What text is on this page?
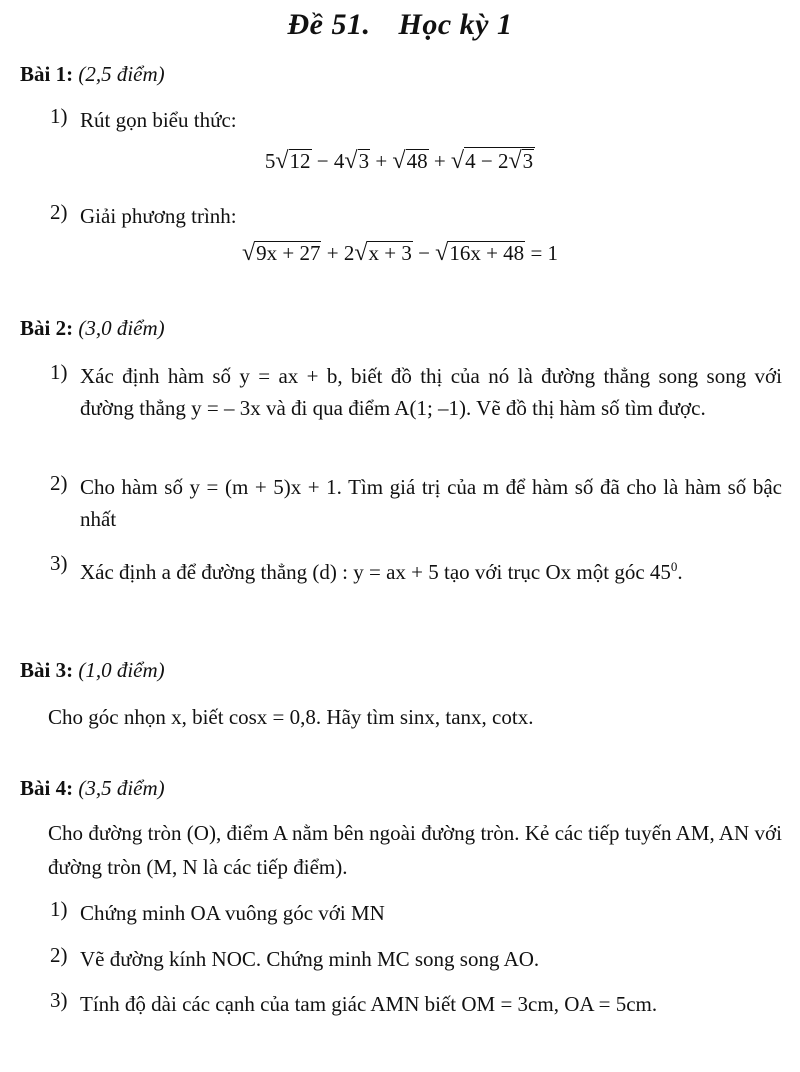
Đề 51. Học kỳ 1
Bài 1: (2,5 điểm)
1) Rút gọn biểu thức:
5√12 − 4√3 + √48 + √4 − 2√3
2) Giải phương trình:
√9x + 27 + 2√x + 3 − √16x + 48 = 1
Bài 2: (3,0 điểm)
1) Xác định hàm số y = ax + b, biết đồ thị của nó là đường thẳng song song với đường thẳng y = – 3x và đi qua điểm A(1; –1). Vẽ đồ thị hàm số tìm được.
2) Cho hàm số y = (m + 5)x + 1. Tìm giá trị của m để hàm số đã cho là hàm số bậc nhất
3) Xác định a để đường thẳng (d) : y = ax + 5 tạo với trục Ox một góc $45^0$.
Bài 3: (1,0 điểm)
Cho góc nhọn x, biết cosx = 0,8. Hãy tìm sinx, tanx, cotx.
Bài 4: (3,5 điểm)
Cho đường tròn (O), điểm A nằm bên ngoài đường tròn. Kẻ các tiếp tuyến AM, AN với đường tròn (M, N là các tiếp điểm).
1) Chứng minh OA vuông góc với MN
2) Vẽ đường kính NOC. Chứng minh MC song song AO.
3) Tính độ dài các cạnh của tam giác AMN biết OM = 3cm, OA = 5cm.
